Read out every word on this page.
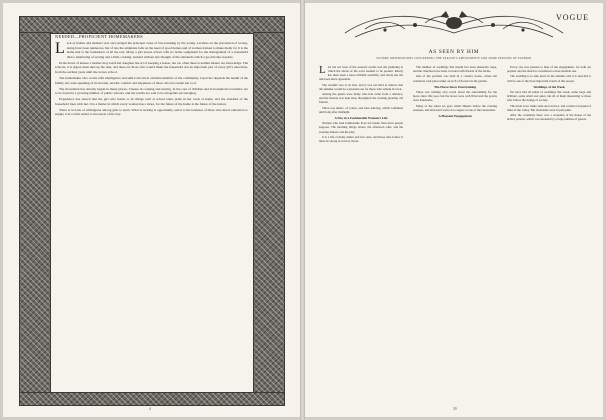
NEEDED—PROFICIENT HOMEMAKERS

Lack of homes and mothers was once judged the principal cause of law-breaking by the young. Lectures on the prevention of wrong-doing have been numerous, but of late the emphasis falls on the need of good homes and of women trained to make them; for it is the home that is the foundation of all the rest. Many a girl leaves school with no better equipment for the management of a household than a smattering of sewing and a little cooking, learned without any thought of the standards which a good home requires.

In the hours of leisure a mother may teach her daughter the art of keeping a house, but too often there is neither leisure nor knowledge. The schools, it is urged, must take up the task, and there are those who would make the household arts an important part of every girl's education, from the earliest years until she leaves school.

The homemaker who works with intelligence and skill is the most valuable member of the community. Upon her depends the health of the family, the wise spending of its income, and the comfort and happiness of those who live under her roof.

The movement has already begun in many places. Classes in cooking and sewing, in the care of children and in household economics are to be found in a growing number of public schools, and the results are said to be altogether encouraging.

Experience has shown that the girl who learns to do things well at school takes pride in her work at home, and the standard of the household rises with her. It is a matter in which every woman has a share, for the future of the home is the future of the nation.

There is no lack of willingness among girls to learn. What is lacking is opportunity, and it is the business of those who direct education to supply it in a form suited to the needs of the day.

4
VOGUE
AS SEEN BY HIM
SUNDRY OBSERVATIONS CONCERNING THE SEASON'S AMUSEMENTS AND SOME PERSONS OF FASHION

Last but not least of the season's events was the gathering at which the whole of the town seemed to be present. Rarely has there been a more brilliant assembly, and rarely has the talk been more agreeable.

The weather was at its best, and it was not hard to believe that the summer would be a pleasant one for those who remain in town.

Among the guests were many who had come from a distance, and the hostess was kept busy throughout the evening greeting old friends.

There was music, of course, and later dancing, which continued until long after midnight.

A Day in a Fashionable Woman's Life

Women who lead fashionable lives are busier than most people suppose. The morning brings letters, the afternoon calls, and the evening dinners and the play.

It is a life of many duties and few rests, and those who follow it must be strong as well as clever.

The number of weddings this month has been unusually large, and the churches have been crowded with friends of the brides.

One of the prettiest was held in a country house, where the ceremony took place under an arch of flowers in the garden.

The Horse Show Entertaining

There was nothing very novel about the entertaining for the horse show this year, but the boxes were well filled and the gowns were handsome.

Many of the smart set gave small dinners before the evening sessions, and afterward went on to supper at one of the restaurants.

A Pleasant Engagement

Every one was pleased to hear of the engagement, for both are popular and the match is considered a most suitable one.

The wedding is to take place in the autumn, and it is said that it will be one of the most important events of the season.

Weddings of the Week

We have had all kinds of weddings this week, some large and brilliant, some small and quiet, but all of them interesting to those who follow the doings of society.

The bride wore white satin and old lace, and carried a bouquet of lilies of the valley. Her attendants were in pale pink.

After the ceremony there was a reception at the house of the bride's parents, which was attended by a large number of guests.

39
